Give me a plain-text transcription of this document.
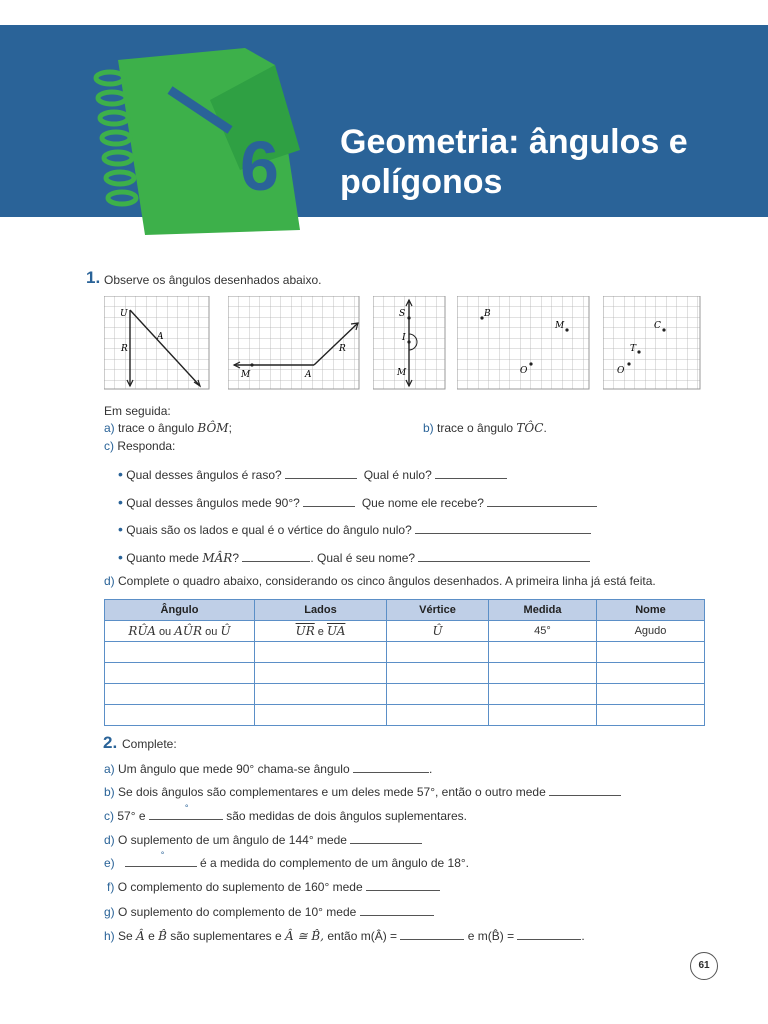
6 Geometria: ângulos e
polígonos
1. Observe os ângulos desenhados abaixo.
U
A
R	R
M	A
S
I
M
B
M
O
C
T
O
Em seguida:
a) trace o ângulo BÔM;	b) trace o ângulo TÔC.
c) Responda:
• Qual desses ângulos é raso?	Qual é nulo?
• Qual desses ângulos mede 90°?	Que nome ele recebe?
• Quais são os lados e qual é o vértice do ângulo nulo?
• Quanto mede MÂR?	. Qual é seu nome?
d) Complete o quadro abaixo, considerando os cinco ângulos desenhados. A primeira linha já está feita.
Ângulo	Lados	Vértice	Medida	Nome
RÛA ou AÛR ou Û	$\overline{UR}$ e $\overline{UA}$	Û	45°	Agudo

2. Complete:
a) Um ângulo que mede 90° chama-se ângulo	.
b) Se dois ângulos são complementares e um deles mede 57°, então o outro mede
c) 57° e
°
são medidas de dois ângulos suplementares.
d) O suplemento de um ângulo de 144° mede
e)
°
é a medida do complemento de um ângulo de 18°.
f) O complemento do suplemento de 160° mede
g) O suplemento do complemento de 10° mede
h) Se Â e B̂ são suplementares e Â ≅ B̂, então m(Â) =	e m(B̂) =	.
61
